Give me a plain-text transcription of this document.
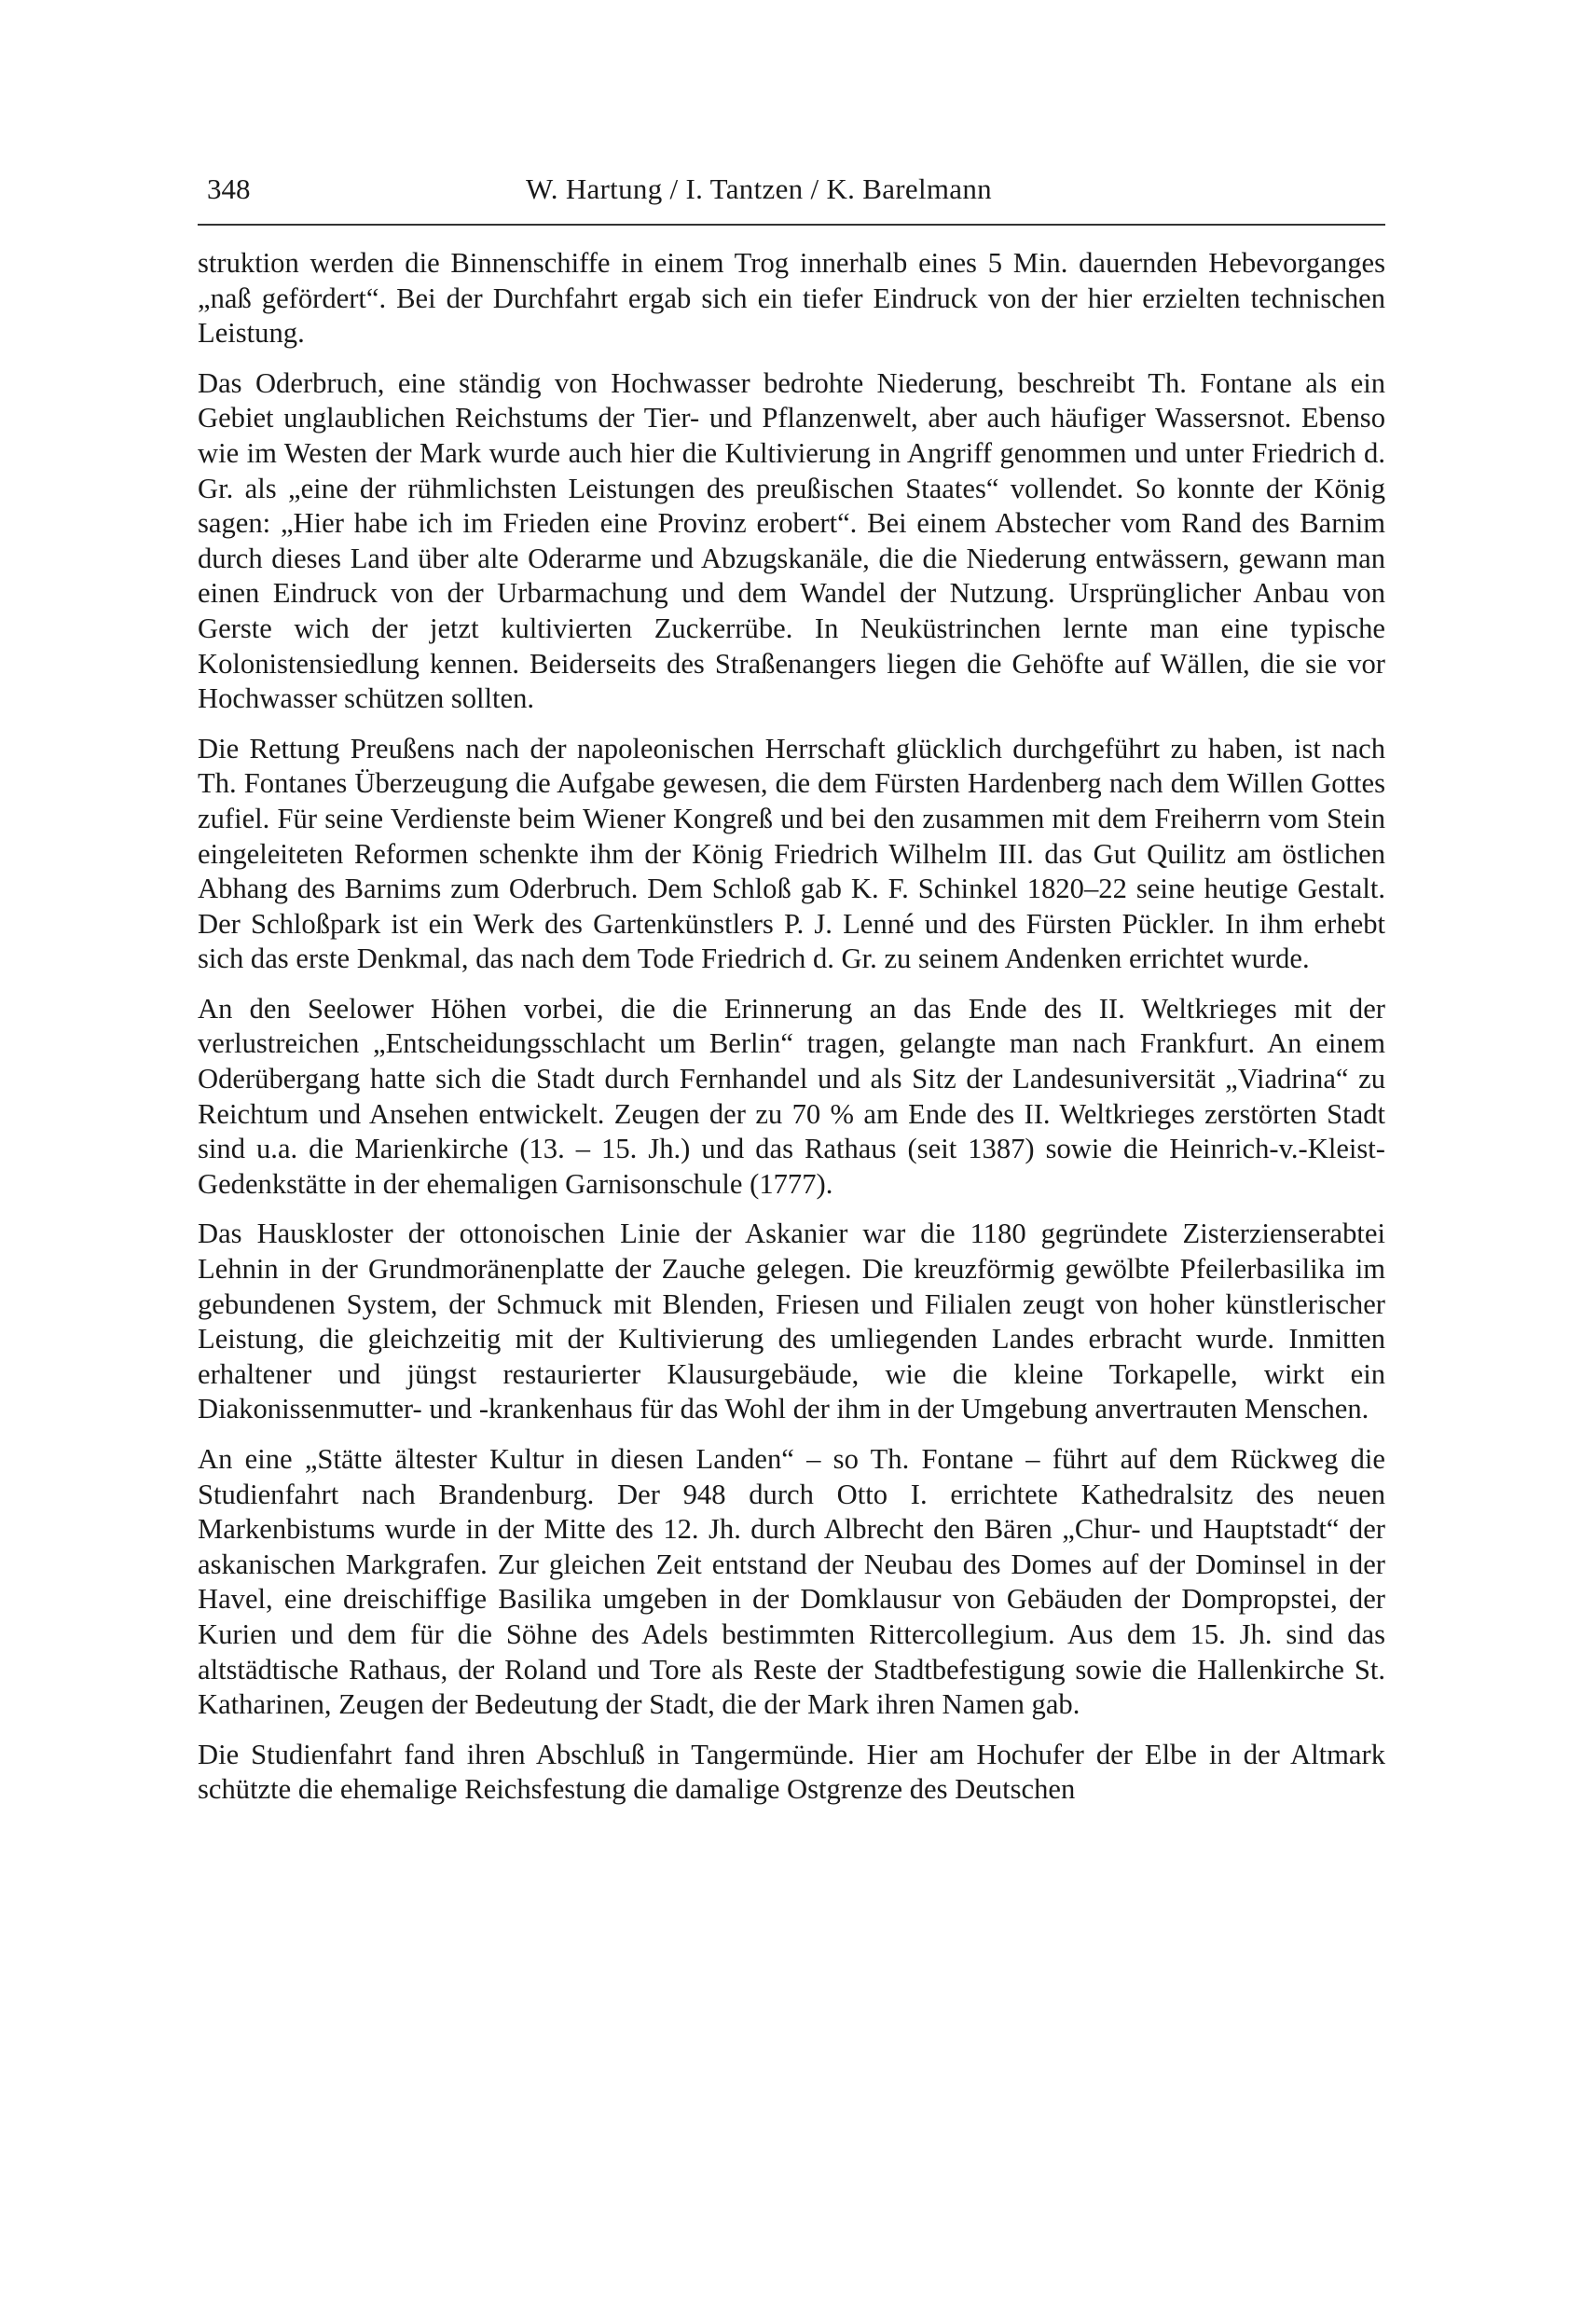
348	W. Hartung / I. Tantzen / K. Barelmann

struktion werden die Binnenschiffe in einem Trog innerhalb eines 5 Min. dauernden Hebevorganges „naß gefördert“. Bei der Durchfahrt ergab sich ein tiefer Eindruck von der hier erzielten technischen Leistung.

Das Oderbruch, eine ständig von Hochwasser bedrohte Niederung, beschreibt Th. Fontane als ein Gebiet unglaublichen Reichstums der Tier- und Pflanzenwelt, aber auch häufiger Wassersnot. Ebenso wie im Westen der Mark wurde auch hier die Kultivierung in Angriff genommen und unter Friedrich d. Gr. als „eine der rühmlichsten Leistungen des preußischen Staates“ vollendet. So konnte der König sagen: „Hier habe ich im Frieden eine Provinz erobert“. Bei einem Abstecher vom Rand des Barnim durch dieses Land über alte Oderarme und Abzugskanäle, die die Niederung entwässern, gewann man einen Eindruck von der Urbarmachung und dem Wandel der Nutzung. Ursprünglicher Anbau von Gerste wich der jetzt kultivierten Zuckerrübe. In Neuküstrinchen lernte man eine typische Kolonistensiedlung kennen. Beiderseits des Straßenangers liegen die Gehöfte auf Wällen, die sie vor Hochwasser schützen sollten.

Die Rettung Preußens nach der napoleonischen Herrschaft glücklich durchgeführt zu haben, ist nach Th. Fontanes Überzeugung die Aufgabe gewesen, die dem Fürsten Hardenberg nach dem Willen Gottes zufiel. Für seine Verdienste beim Wiener Kongreß und bei den zusammen mit dem Freiherrn vom Stein eingeleiteten Reformen schenkte ihm der König Friedrich Wilhelm III. das Gut Quilitz am östlichen Abhang des Barnims zum Oderbruch. Dem Schloß gab K. F. Schinkel 1820–22 seine heutige Gestalt. Der Schloßpark ist ein Werk des Gartenkünstlers P. J. Lenné und des Fürsten Pückler. In ihm erhebt sich das erste Denkmal, das nach dem Tode Friedrich d. Gr. zu seinem Andenken errichtet wurde.

An den Seelower Höhen vorbei, die die Erinnerung an das Ende des II. Weltkrieges mit der verlustreichen „Entscheidungsschlacht um Berlin“ tragen, gelangte man nach Frankfurt. An einem Oderübergang hatte sich die Stadt durch Fernhandel und als Sitz der Landesuniversität „Viadrina“ zu Reichtum und Ansehen entwickelt. Zeugen der zu 70 % am Ende des II. Weltkrieges zerstörten Stadt sind u.a. die Marienkirche (13. – 15. Jh.) und das Rathaus (seit 1387) sowie die Heinrich-v.-Kleist-Gedenkstätte in der ehemaligen Garnisonschule (1777).

Das Hauskloster der ottonoischen Linie der Askanier war die 1180 gegründete Zisterzienserabtei Lehnin in der Grundmoränenplatte der Zauche gelegen. Die kreuzförmig gewölbte Pfeilerbasilika im gebundenen System, der Schmuck mit Blenden, Friesen und Filialen zeugt von hoher künstlerischer Leistung, die gleichzeitig mit der Kultivierung des umliegenden Landes erbracht wurde. Inmitten erhaltener und jüngst restaurierter Klausurgebäude, wie die kleine Torkapelle, wirkt ein Diakonissenmutter- und -krankenhaus für das Wohl der ihm in der Umgebung anvertrauten Menschen.

An eine „Stätte ältester Kultur in diesen Landen“ – so Th. Fontane – führt auf dem Rückweg die Studienfahrt nach Brandenburg. Der 948 durch Otto I. errichtete Kathedralsitz des neuen Markenbistums wurde in der Mitte des 12. Jh. durch Albrecht den Bären „Chur- und Hauptstadt“ der askanischen Markgrafen. Zur gleichen Zeit entstand der Neubau des Domes auf der Dominsel in der Havel, eine dreischiffige Basilika umgeben in der Domklausur von Gebäuden der Dompropstei, der Kurien und dem für die Söhne des Adels bestimmten Rittercollegium. Aus dem 15. Jh. sind das altstädtische Rathaus, der Roland und Tore als Reste der Stadtbefestigung sowie die Hallenkirche St. Katharinen, Zeugen der Bedeutung der Stadt, die der Mark ihren Namen gab.

Die Studienfahrt fand ihren Abschluß in Tangermünde. Hier am Hochufer der Elbe in der Altmark schützte die ehemalige Reichsfestung die damalige Ostgrenze des Deutschen
